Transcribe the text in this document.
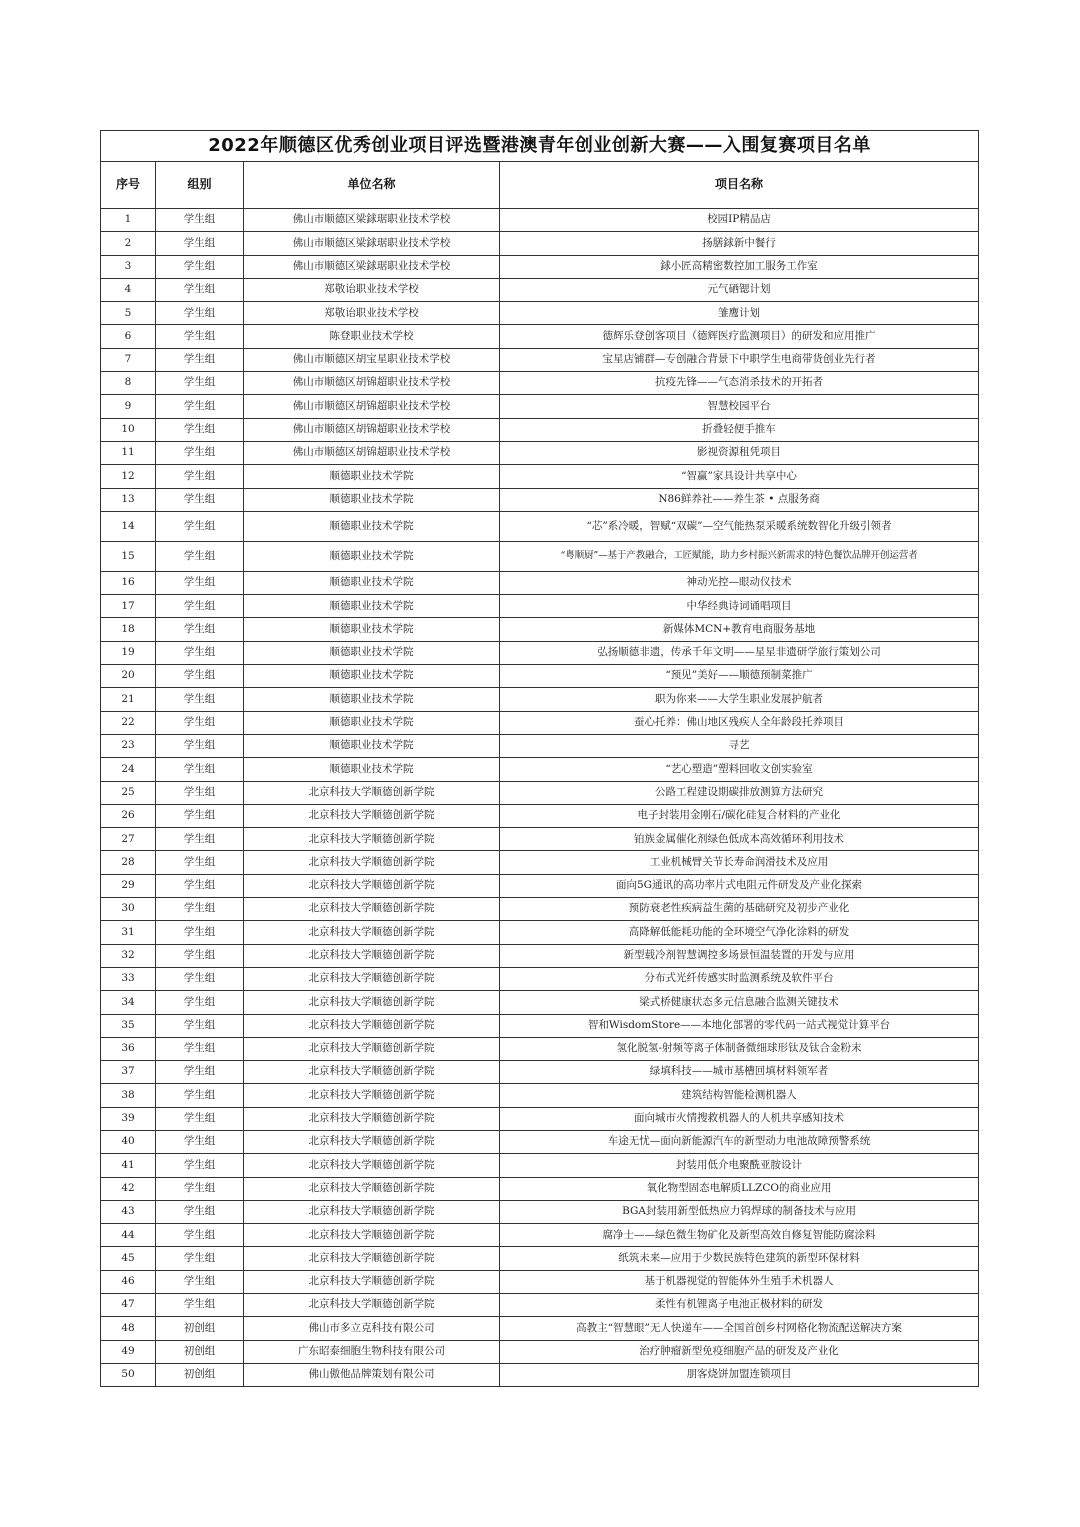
2022年顺德区优秀创业项目评选暨港澳青年创业创新大赛——入围复赛项目名单			
序号	组别	单位名称	项目名称
1	学生组	佛山市顺德区梁銶琚职业技术学校	校园IP精品店
2	学生组	佛山市顺德区梁銶琚职业技术学校	扬膳銶新中餐行
3	学生组	佛山市顺德区梁銶琚职业技术学校	銶小匠高精密数控加工服务工作室
4	学生组	郑敬诒职业技术学校	元气硒锶计划
5	学生组	郑敬诒职业技术学校	雏鹰计划
6	学生组	陈登职业技术学校	德辉乐登创客项目（德辉医疗监测项目）的研发和应用推广
7	学生组	佛山市顺德区胡宝星职业技术学校	宝星店铺群—专创融合背景下中职学生电商带货创业先行者
8	学生组	佛山市顺德区胡锦超职业技术学校	抗疫先锋——气态消杀技术的开拓者
9	学生组	佛山市顺德区胡锦超职业技术学校	智慧校园平台
10	学生组	佛山市顺德区胡锦超职业技术学校	折叠轻便手推车
11	学生组	佛山市顺德区胡锦超职业技术学校	影视资源租凭项目
12	学生组	顺德职业技术学院	“智赢”家具设计共享中心
13	学生组	顺德职业技术学院	N86鲜养社——养生茶 • 点服务商
14	学生组	顺德职业技术学院	“芯”系冷暖，智赋“双碳”—空气能热泵采暖系统数智化升级引领者
15	学生组	顺德职业技术学院	“粤顺厨”—基于产教融合，工匠赋能，助力乡村振兴新需求的特色餐饮品牌开创运营者
16	学生组	顺德职业技术学院	神动光控—眼动仪技术
17	学生组	顺德职业技术学院	中华经典诗词诵唱项目
18	学生组	顺德职业技术学院	新媒体MCN+教育电商服务基地
19	学生组	顺德职业技术学院	弘扬顺德非遗，传承千年文明——星星非遗研学旅行策划公司
20	学生组	顺德职业技术学院	“预见”美好——顺德预制菜推广
21	学生组	顺德职业技术学院	职为你来——大学生职业发展护航者
22	学生组	顺德职业技术学院	蚕心托养：佛山地区残疾人全年龄段托养项目
23	学生组	顺德职业技术学院	寻艺
24	学生组	顺德职业技术学院	“艺心塑造”塑料回收文创实验室
25	学生组	北京科技大学顺德创新学院	公路工程建设期碳排放测算方法研究
26	学生组	北京科技大学顺德创新学院	电子封装用金刚石/碳化硅复合材料的产业化
27	学生组	北京科技大学顺德创新学院	铂族金属催化剂绿色低成本高效循环利用技术
28	学生组	北京科技大学顺德创新学院	工业机械臂关节长寿命润滑技术及应用
29	学生组	北京科技大学顺德创新学院	面向5G通讯的高功率片式电阻元件研发及产业化探索
30	学生组	北京科技大学顺德创新学院	预防衰老性疾病益生菌的基础研究及初步产业化
31	学生组	北京科技大学顺德创新学院	高降解低能耗功能的全环境空气净化涂料的研发
32	学生组	北京科技大学顺德创新学院	新型载冷剂智慧调控多场景恒温装置的开发与应用
33	学生组	北京科技大学顺德创新学院	分布式光纤传感实时监测系统及软件平台
34	学生组	北京科技大学顺德创新学院	梁式桥健康状态多元信息融合监测关键技术
35	学生组	北京科技大学顺德创新学院	智和WisdomStore——本地化部署的零代码一站式视觉计算平台
36	学生组	北京科技大学顺德创新学院	氢化脱氢-射频等离子体制备微细球形钛及钛合金粉末
37	学生组	北京科技大学顺德创新学院	绿填科技——城市基槽回填材料领军者
38	学生组	北京科技大学顺德创新学院	建筑结构智能检测机器人
39	学生组	北京科技大学顺德创新学院	面向城市火情搜救机器人的人机共享感知技术
40	学生组	北京科技大学顺德创新学院	车途无忧—面向新能源汽车的新型动力电池故障预警系统
41	学生组	北京科技大学顺德创新学院	封装用低介电聚酰亚胺设计
42	学生组	北京科技大学顺德创新学院	氧化物型固态电解质LLZCO的商业应用
43	学生组	北京科技大学顺德创新学院	BGA封装用新型低热应力钨焊球的制备技术与应用
44	学生组	北京科技大学顺德创新学院	腐净士——绿色微生物矿化及新型高效自修复智能防腐涂料
45	学生组	北京科技大学顺德创新学院	纸筑未来—应用于少数民族特色建筑的新型环保材料
46	学生组	北京科技大学顺德创新学院	基于机器视觉的智能体外生殖手术机器人
47	学生组	北京科技大学顺德创新学院	柔性有机锂离子电池正极材料的研发
48	初创组	佛山市多立克科技有限公司	高教主“智慧眼”无人快递车——全国首创乡村网格化物流配送解决方案
49	初创组	广东昭泰细胞生物科技有限公司	治疗肿瘤新型免疫细胞产品的研发及产业化
50	初创组	佛山傲他品牌策划有限公司	朋客烧饼加盟连锁项目
